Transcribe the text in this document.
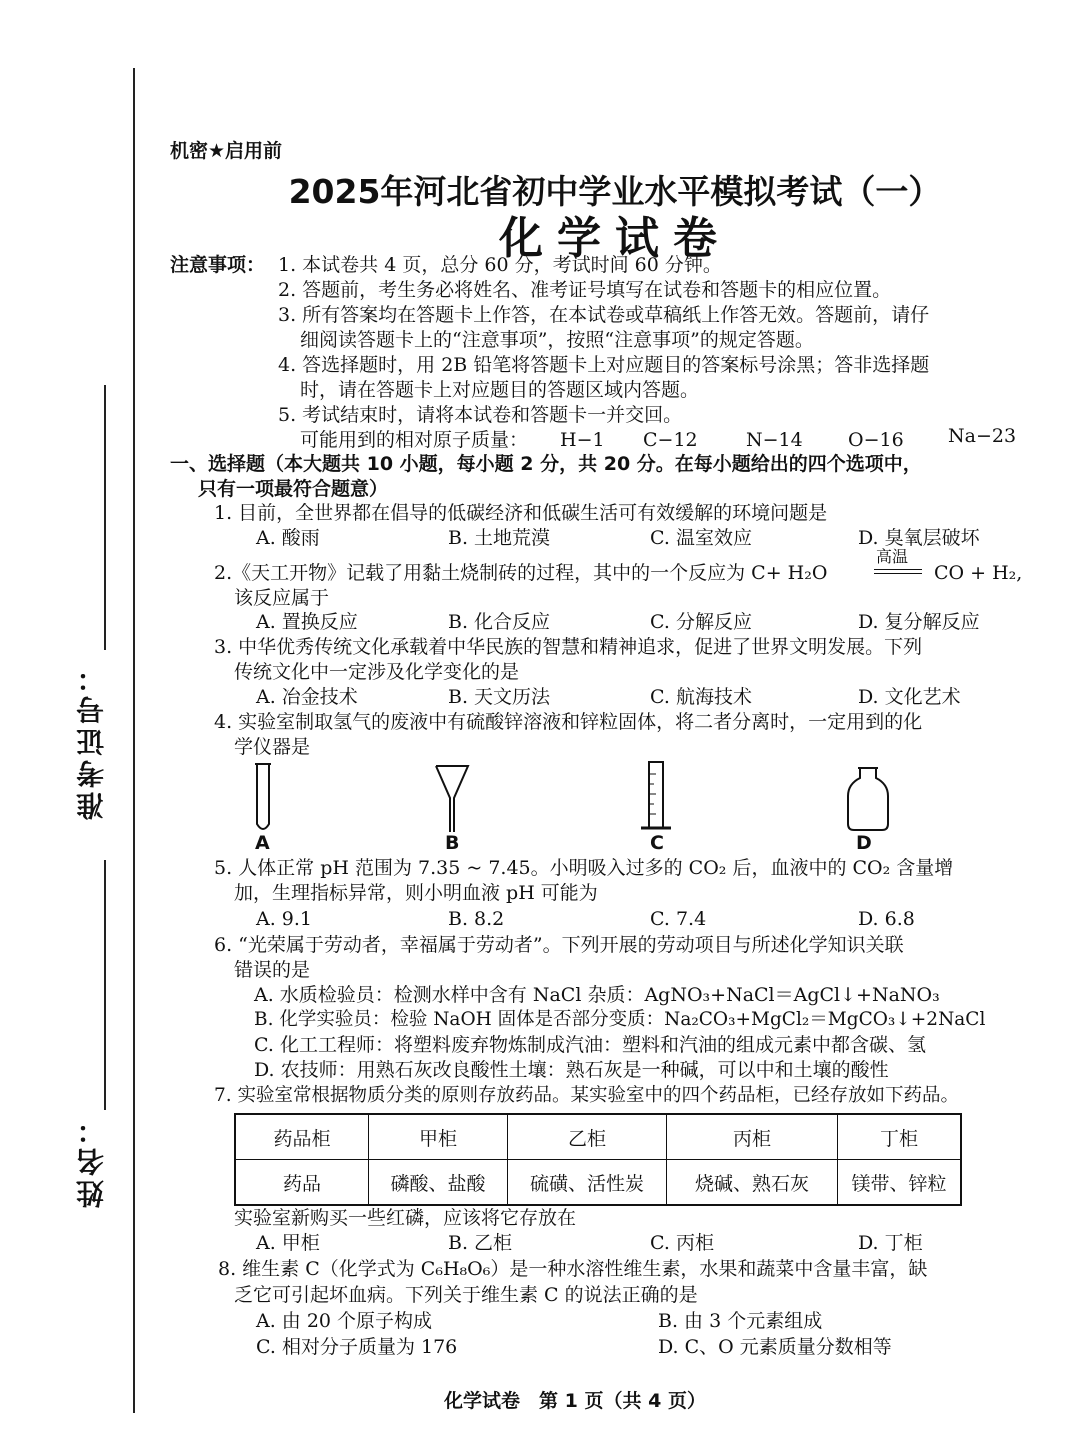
准考证号：
姓名：
机密★启用前
2025年河北省初中学业水平模拟考试（一）
化学试卷
注意事项： 1. 本试卷共 4 页，总分 60 分，考试时间 60 分钟。
2. 答题前，考生务必将姓名、准考证号填写在试卷和答题卡的相应位置。
3. 所有答案均在答题卡上作答，在本试卷或草稿纸上作答无效。答题前，请仔
细阅读答题卡上的“注意事项”，按照“注意事项”的规定答题。
4. 答选择题时，用 2B 铅笔将答题卡上对应题目的答案标号涂黑；答非选择题
时，请在答题卡上对应题目的答题区域内答题。
5. 考试结束时，请将本试卷和答题卡一并交回。
可能用到的相对原子质量： H−1 C−12	N−14 O−16 Na−23
一、选择题（本大题共 10 小题，每小题 2 分，共 20 分。在每小题给出的四个选项中，
只有一项最符合题意）
1. 目前，全世界都在倡导的低碳经济和低碳生活可有效缓解的环境问题是
A. 酸雨	B. 土地荒漠	C. 温室效应	D. 臭氧层破坏
2.《天工开物》记载了用黏土烧制砖的过程，其中的一个反应为 C+ H₂O
高温
CO + H₂,
该反应属于
A. 置换反应	B. 化合反应	C. 分解反应	D. 复分解反应
3. 中华优秀传统文化承载着中华民族的智慧和精神追求，促进了世界文明发展。下列
传统文化中一定涉及化学变化的是
A. 冶金技术	B. 天文历法	C. 航海技术	D. 文化艺术
4. 实验室制取氢气的废液中有硫酸锌溶液和锌粒固体，将二者分离时，一定用到的化
学仪器是
A	B	C	D
5. 人体正常 pH 范围为 7.35 ~ 7.45。小明吸入过多的 CO₂ 后，血液中的 CO₂ 含量增
加，生理指标异常，则小明血液 pH 可能为
A. 9.1	B. 8.2	C. 7.4	D. 6.8
6. “光荣属于劳动者，幸福属于劳动者”。下列开展的劳动项目与所述化学知识关联
错误的是
A. 水质检验员：检测水样中含有 NaCl 杂质：AgNO₃+NaCl＝AgCl↓+NaNO₃
B. 化学实验员：检验 NaOH 固体是否部分变质：Na₂CO₃+MgCl₂＝MgCO₃↓+2NaCl
C. 化工工程师：将塑料废弃物炼制成汽油：塑料和汽油的组成元素中都含碳、氢
D. 农技师：用熟石灰改良酸性土壤：熟石灰是一种碱，可以中和土壤的酸性
7. 实验室常根据物质分类的原则存放药品。某实验室中的四个药品柜，已经存放如下药品。
药品柜	甲柜	乙柜	丙柜	丁柜
药品	磷酸、盐酸	硫磺、活性炭	烧碱、熟石灰	镁带、锌粒
实验室新购买一些红磷，应该将它存放在
A. 甲柜	B. 乙柜	C. 丙柜	D. 丁柜
8. 维生素 C（化学式为 C₆H₈O₆）是一种水溶性维生素，水果和蔬菜中含量丰富，缺
乏它可引起坏血病。下列关于维生素 C 的说法正确的是
A. 由 20 个原子构成	B. 由 3 个元素组成
C. 相对分子质量为 176	D. C、O 元素质量分数相等
化学试卷　第 1 页（共 4 页）
